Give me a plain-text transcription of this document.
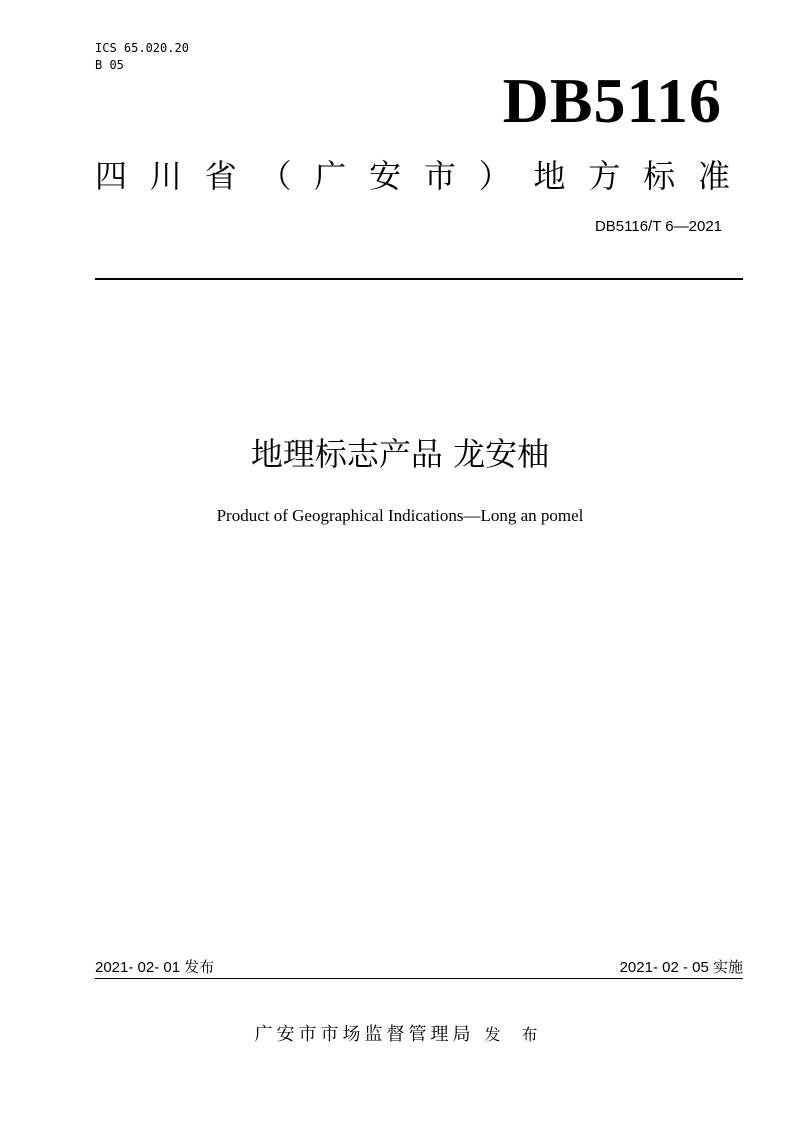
ICS 65.020.20
B 05	DB5116
四 川 省 （ 广 安 市 ） 地 方 标 准
DB5116/T 6—2021
地理标志产品 龙安柚
Product of Geographical Indications—Long an pomel
2021- 02- 01 发布	2021- 02 - 05 实施
广安市市场监督管理局 发 布
